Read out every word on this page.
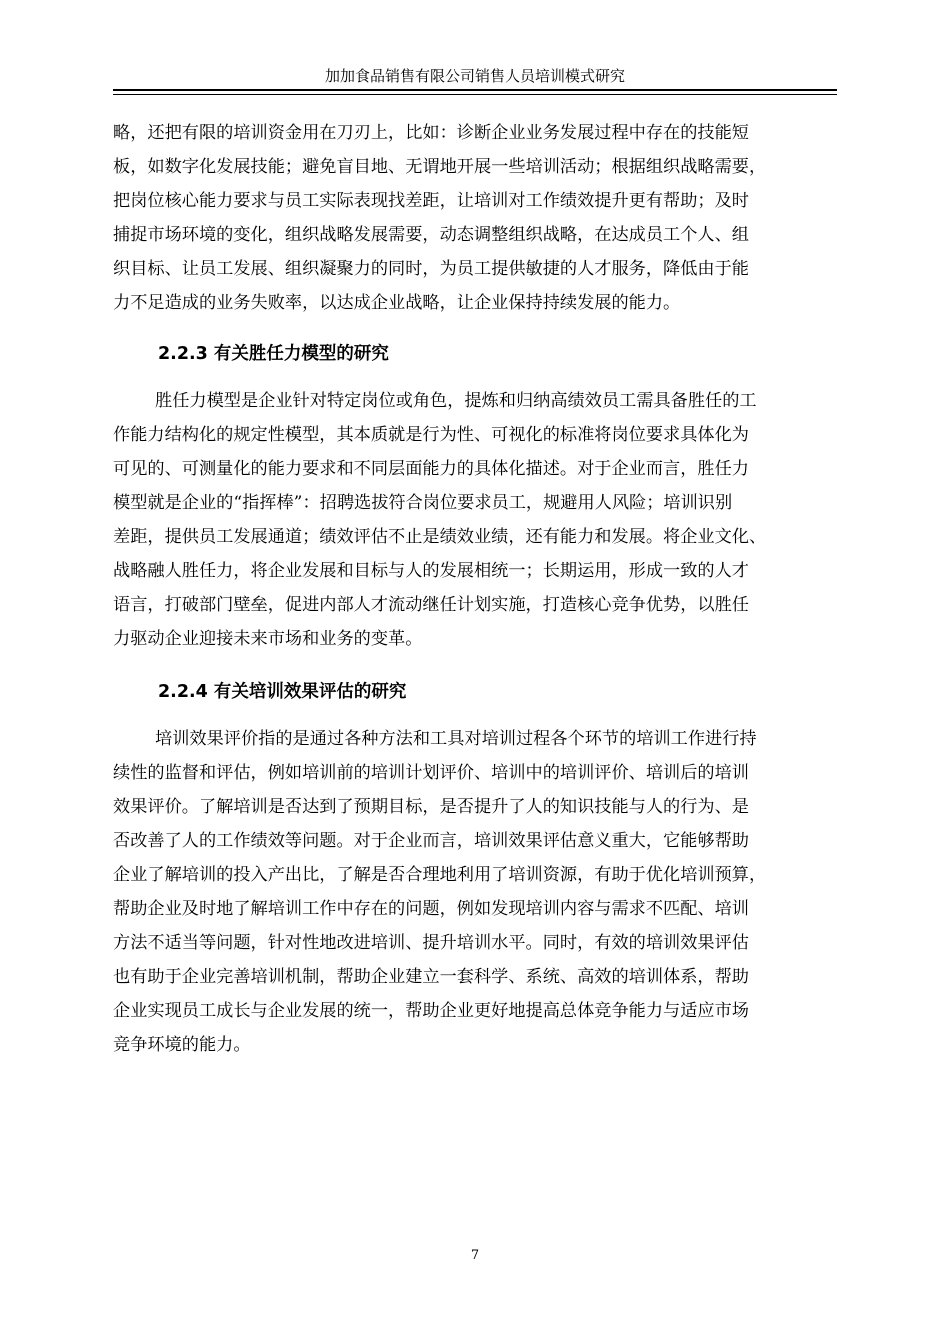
加加食品销售有限公司销售人员培训模式研究
略，还把有限的培训资金用在刀刃上，比如：诊断企业业务发展过程中存在的技能短
板，如数字化发展技能；避免盲目地、无谓地开展一些培训活动；根据组织战略需要，
把岗位核心能力要求与员工实际表现找差距，让培训对工作绩效提升更有帮助；及时
捕捉市场环境的变化，组织战略发展需要，动态调整组织战略，在达成员工个人、组
织目标、让员工发展、组织凝聚力的同时，为员工提供敏捷的人才服务，降低由于能
力不足造成的业务失败率，以达成企业战略，让企业保持持续发展的能力。
2.2.3 有关胜任力模型的研究
胜任力模型是企业针对特定岗位或角色，提炼和归纳高绩效员工需具备胜任的工
作能力结构化的规定性模型，其本质就是行为性、可视化的标准将岗位要求具体化为
可见的、可测量化的能力要求和不同层面能力的具体化描述。对于企业而言，胜任力
模型就是企业的“指挥棒”：招聘选拔符合岗位要求员工，规避用人风险；培训识别
差距，提供员工发展通道；绩效评估不止是绩效业绩，还有能力和发展。将企业文化、
战略融人胜任力，将企业发展和目标与人的发展相统一；长期运用，形成一致的人才
语言，打破部门壁垒，促进内部人才流动继任计划实施，打造核心竞争优势，以胜任
力驱动企业迎接未来市场和业务的变革。
2.2.4 有关培训效果评估的研究
培训效果评价指的是通过各种方法和工具对培训过程各个环节的培训工作进行持
续性的监督和评估，例如培训前的培训计划评价、培训中的培训评价、培训后的培训
效果评价。了解培训是否达到了预期目标，是否提升了人的知识技能与人的行为、是
否改善了人的工作绩效等问题。对于企业而言，培训效果评估意义重大，它能够帮助
企业了解培训的投入产出比，了解是否合理地利用了培训资源，有助于优化培训预算，
帮助企业及时地了解培训工作中存在的问题，例如发现培训内容与需求不匹配、培训
方法不适当等问题，针对性地改进培训、提升培训水平。同时，有效的培训效果评估
也有助于企业完善培训机制，帮助企业建立一套科学、系统、高效的培训体系，帮助
企业实现员工成长与企业发展的统一，帮助企业更好地提高总体竞争能力与适应市场
竞争环境的能力。
7
